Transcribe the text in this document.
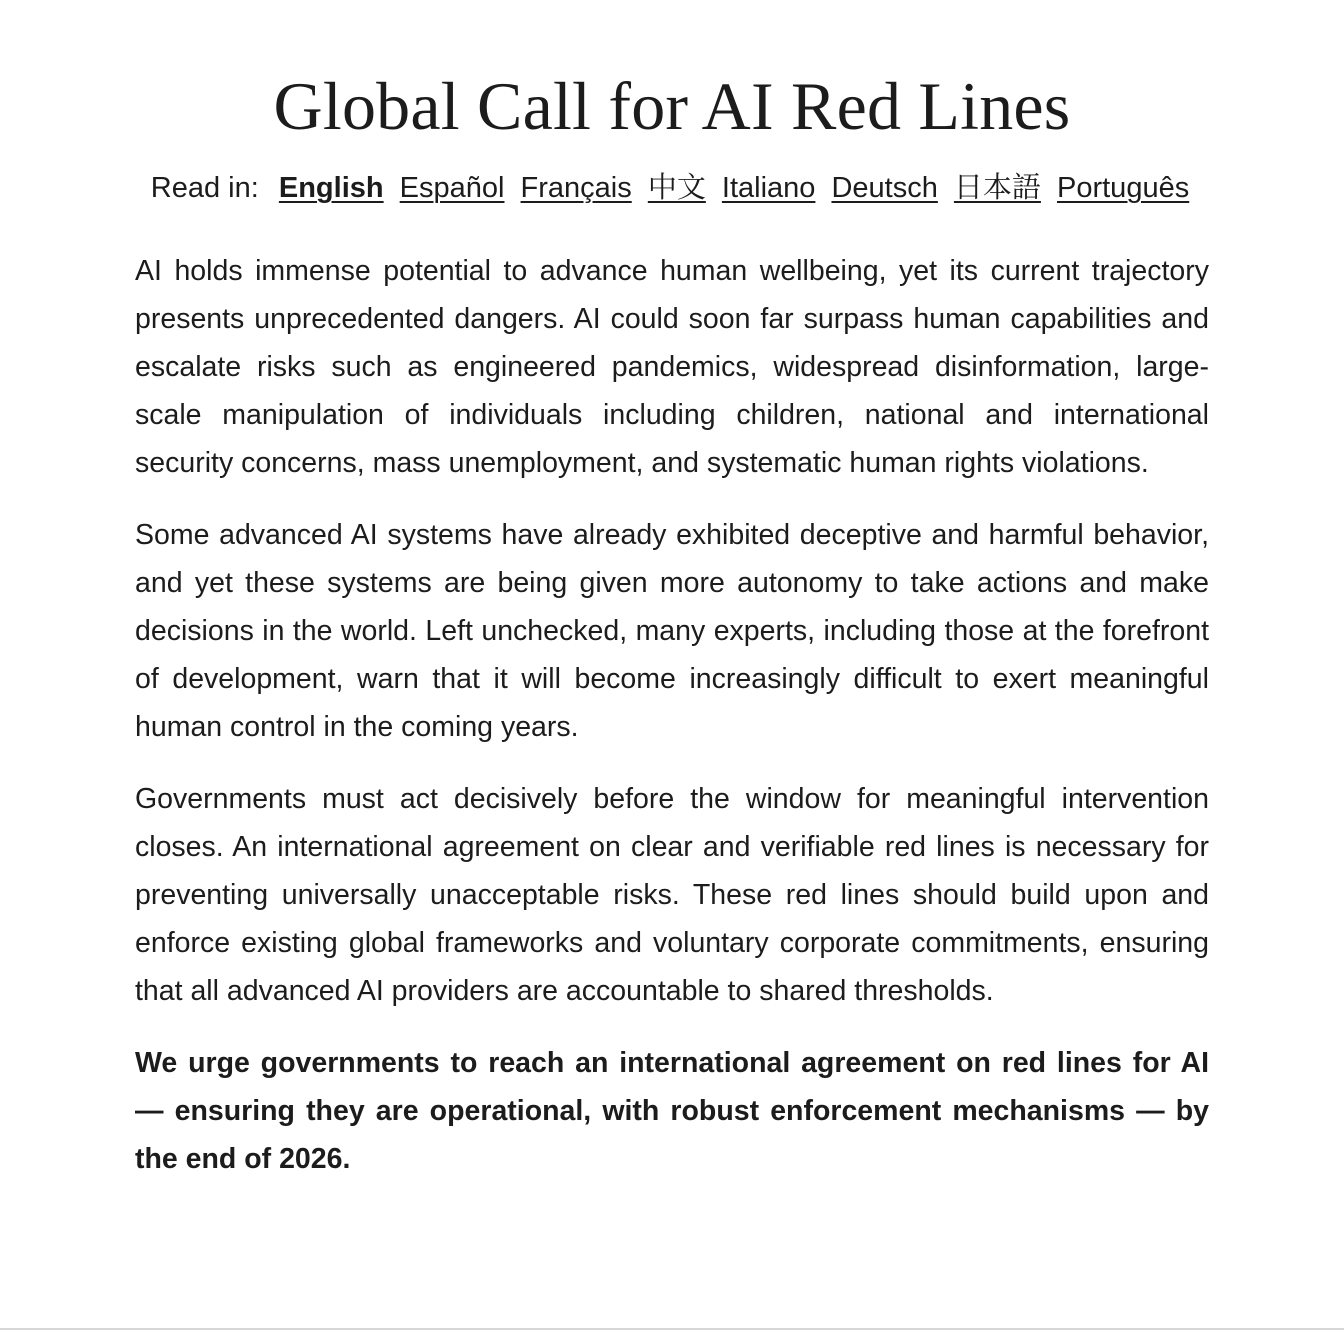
Global Call for AI Red Lines
Read in: English Español Français 中文 Italiano Deutsch 日本語 Português

AI holds immense potential to advance human wellbeing, yet its current trajectory presents unprecedented dangers. AI could soon far surpass human capabilities and escalate risks such as engineered pandemics, widespread disinformation, large-scale manipulation of individuals including children, national and international security concerns, mass unemployment, and systematic human rights violations.

Some advanced AI systems have already exhibited deceptive and harmful behavior, and yet these systems are being given more autonomy to take actions and make decisions in the world. Left unchecked, many experts, including those at the forefront of development, warn that it will become increasingly difficult to exert meaningful human control in the coming years.

Governments must act decisively before the window for meaningful intervention closes. An international agreement on clear and verifiable red lines is necessary for preventing universally unacceptable risks. These red lines should build upon and enforce existing global frameworks and voluntary corporate commitments, ensuring that all advanced AI providers are accountable to shared thresholds.

We urge governments to reach an international agreement on red lines for AI — ensuring they are operational, with robust enforcement mechanisms — by the end of 2026.
